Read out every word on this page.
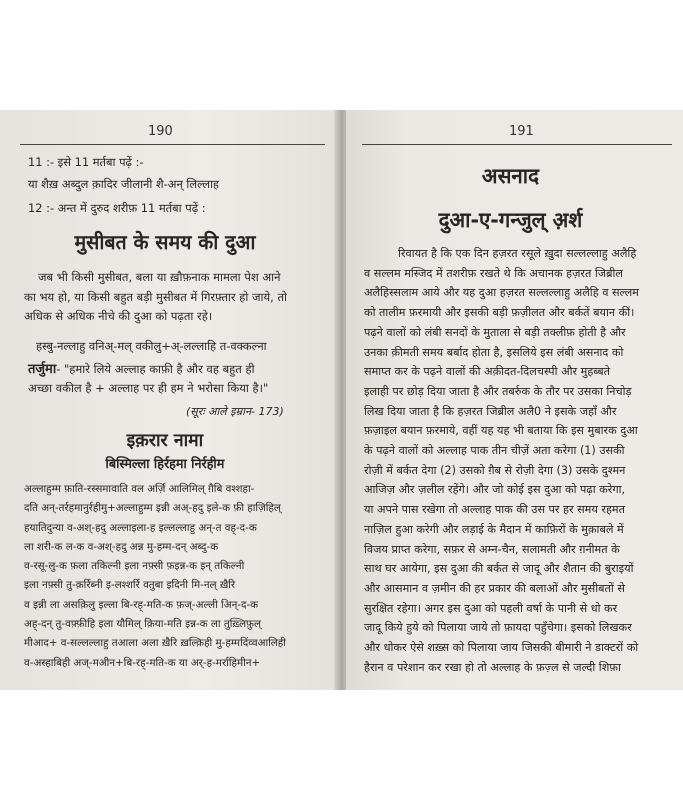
190

11 :- इसे 11 मर्तबा पढ़ें :-

या शैख़ अब्दुल क़ादिर जीलानी शै-अन् लिल्लाह

12 :- अन्त में दुरुद शरीफ़ 11 मर्तबा पढ़ें :

मुसीबत के समय की दुआ

जब भी किसी मुसीबत, बला या ख़ौफ़नाक मामला पेश आने
का भय हो, या किसी बहुत बड़ी मुसीबत में गिरफ़्तार हो जाये, तो
अधिक से अधिक नीचे की दुआ को पढ़ता रहे।

हस्बु-नल्लाहु वनिअ्-मल् वकीलु+अ्-लल्लाहि त-वक्कल्ना

तर्जुमा- "हमारे लिये अल्लाह काफ़ी है और वह बहुत ही
अच्छा वकील है + अल्लाह पर ही हम ने भरोसा किया है।"

(सूरः आले इम्रान- 173)

इक़रार नामा

बिस्मिल्ला हिर्रहमा निर्रहीम

अल्लाहुम्म फ़ाति-रस्समावाति वल अर्ज़ि आलिमिल् ग़ैबि वश्शहा-
दति अन्-तर्रहमानुर्रहीमु+अल्लाहुम्म इन्नी अअ्-हदु इले-क फ़ी हाज़िहिल्
हयातिदुन्या व-अश्-हदु अल्लाइला-ह इल्लल्लाहु अन्-त वह्-द-क
ला शरी-क ल-क व-अश्-हदु अन्न मु-हम्म-दन् अब्दु-क
व-रसू-लु-क फ़ला तकिल्नी इला नफ़्सी फ़इन्न-क इन् तकिल्नी
इला नफ़्सी तु-क़र्रिब्नी इ-लश्शर्रि वतुबा इदिनी मि-नल् ख़ैरि
व इन्नी ला असक़िलु इल्ला बि-रह्-मति-क फ़ज्-अल्ली अिन्-द-क
अह्-दन् तु-वफ़्फ़ीहि इला यौमिल् क़िया-मति इन्न-क ला तुख़्लिफ़ुल्
मीआद+ व-सल्लल्लाहु तआला अला ख़ैरि ख़ल्क़िही मु-हम्मदिंव्वआलिही
व-अस्हाबिही अज्-मअीन+बि-रह्-मति-क या अर्-ह-मर्राहिमीन+
191

असनाद

दुआ-ए-गन्जुल् अ़र्श

रिवायत है कि एक दिन हज़रत रसूले ख़ुदा सल्लल्लाहु अलैहि
व सल्लम मस्जिद में तशरीफ़ रखते थे कि अचानक हज़रत जिब्रील
अलैहिस्सलाम आये और यह दुआ हज़रत सल्लल्लाहु अलैहि व सल्लम
को तालीम फ़रमायी और इसकी बड़ी फ़ज़ीलत और बर्कतें बयान कीं।
पढ़ने वालों को लंबी सनदों के मुताला से बड़ी तक्लीफ़ होती है और
उनका क़ीमती समय बर्बाद होता है, इसलिये इस लंबी असनाद को
समाप्त कर के पढ़ने वालों की अक़ीदत-दिलचस्पी और मुहब्बते
इलाही पर छोड़ दिया जाता है और तबर्रुक के तौर पर उसका निचोड़
लिख दिया जाता है कि हज़रत जिब्रील अलै0 ने इसके जहाँ और
फ़ज़ाइल बयान फ़रमाये, वहीं यह यह भी बताया कि इस मुबारक दुआ
के पढ़ने वालों को अल्लाह पाक तीन चीज़ें अता करेगा (1) उसकी
रोज़ी में बर्कत देगा (2) उसको ग़ैब से रोज़ी देगा (3) उसके दुश्मन
आजिज़ और ज़लील रहेंगे। और जो कोई इस दुआ को पढ़ा करेगा,
या अपने पास रखेगा तो अल्लाह पाक की उस पर हर समय रहमत
नाज़िल हुआ करेगी और लड़ाई के मैदान में काफ़िरों के मुक़ाबले में
विजय प्राप्त करेगा, सफ़र से अम्न-चैन, सलामती और ग़नीमत के
साथ घर आयेगा, इस दुआ की बर्कत से जादू और शैतान की बुराइयों
और आसमान व ज़मीन की हर प्रकार की बलाओं और मुसीबतों से
सुरक्षित रहेगा। अगर इस दुआ को पहली वर्षा के पानी से धो कर
जादू किये हुये को पिलाया जाये तो फ़ायदा पहुँचेगा। इसको लिखकर
और धोकर ऐसे शख़्स को पिलाया जाय जिसकी बीमारी ने डाक्टरों को
हैरान व परेशान कर रखा हो तो अल्लाह के फ़ज़्ल से जल्दी शिफ़ा
